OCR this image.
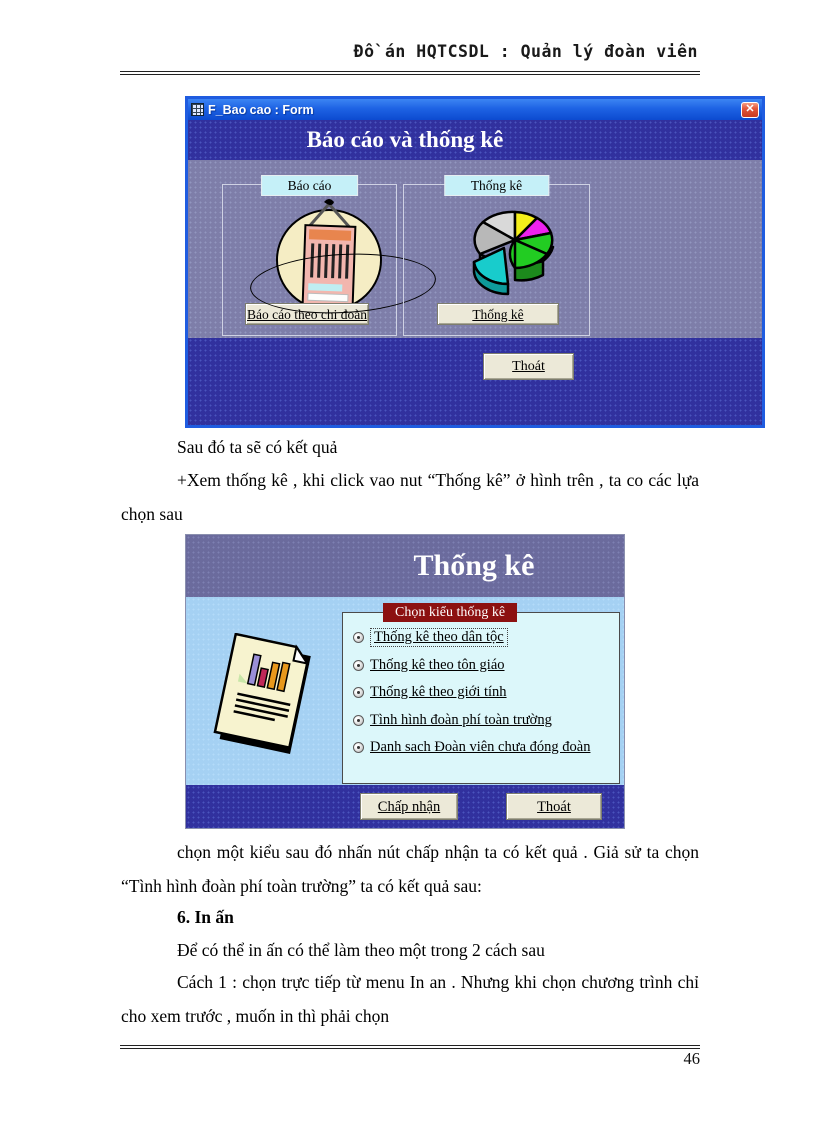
Đồ án HQTCSDL : Quản lý đoàn viên
F_Bao cao : Form	✕
Báo cáo và thống kê
Báo cáo
Báo cáo theo chi đoàn
Thống kê
Thống kê
Thoát

Sau đó ta sẽ có kết quả

+Xem thống kê , khi click vao nut “Thống kê” ở hình trên , ta co các lựa chọn sau

Thống kê
Chọn kiểu thống kê
Thống kê theo dân tộc
Thống kê theo tôn giáo
Thống kê theo giới tính
Tình hình đoàn phí toàn trường
Danh sach Đoàn viên chưa đóng đoàn
Chấp nhận	Thoát

chọn một kiểu sau đó nhấn nút chấp nhận ta có kết quả . Giả sử ta chọn “Tình hình đoàn phí toàn trường” ta có kết quả sau:

6. In ấn

Để có thể in ấn có thể làm theo một trong 2 cách sau

Cách 1 : chọn trực tiếp từ menu In an . Nhưng khi chọn chương trình chỉ cho xem trước , muốn in thì phải chọn

46
